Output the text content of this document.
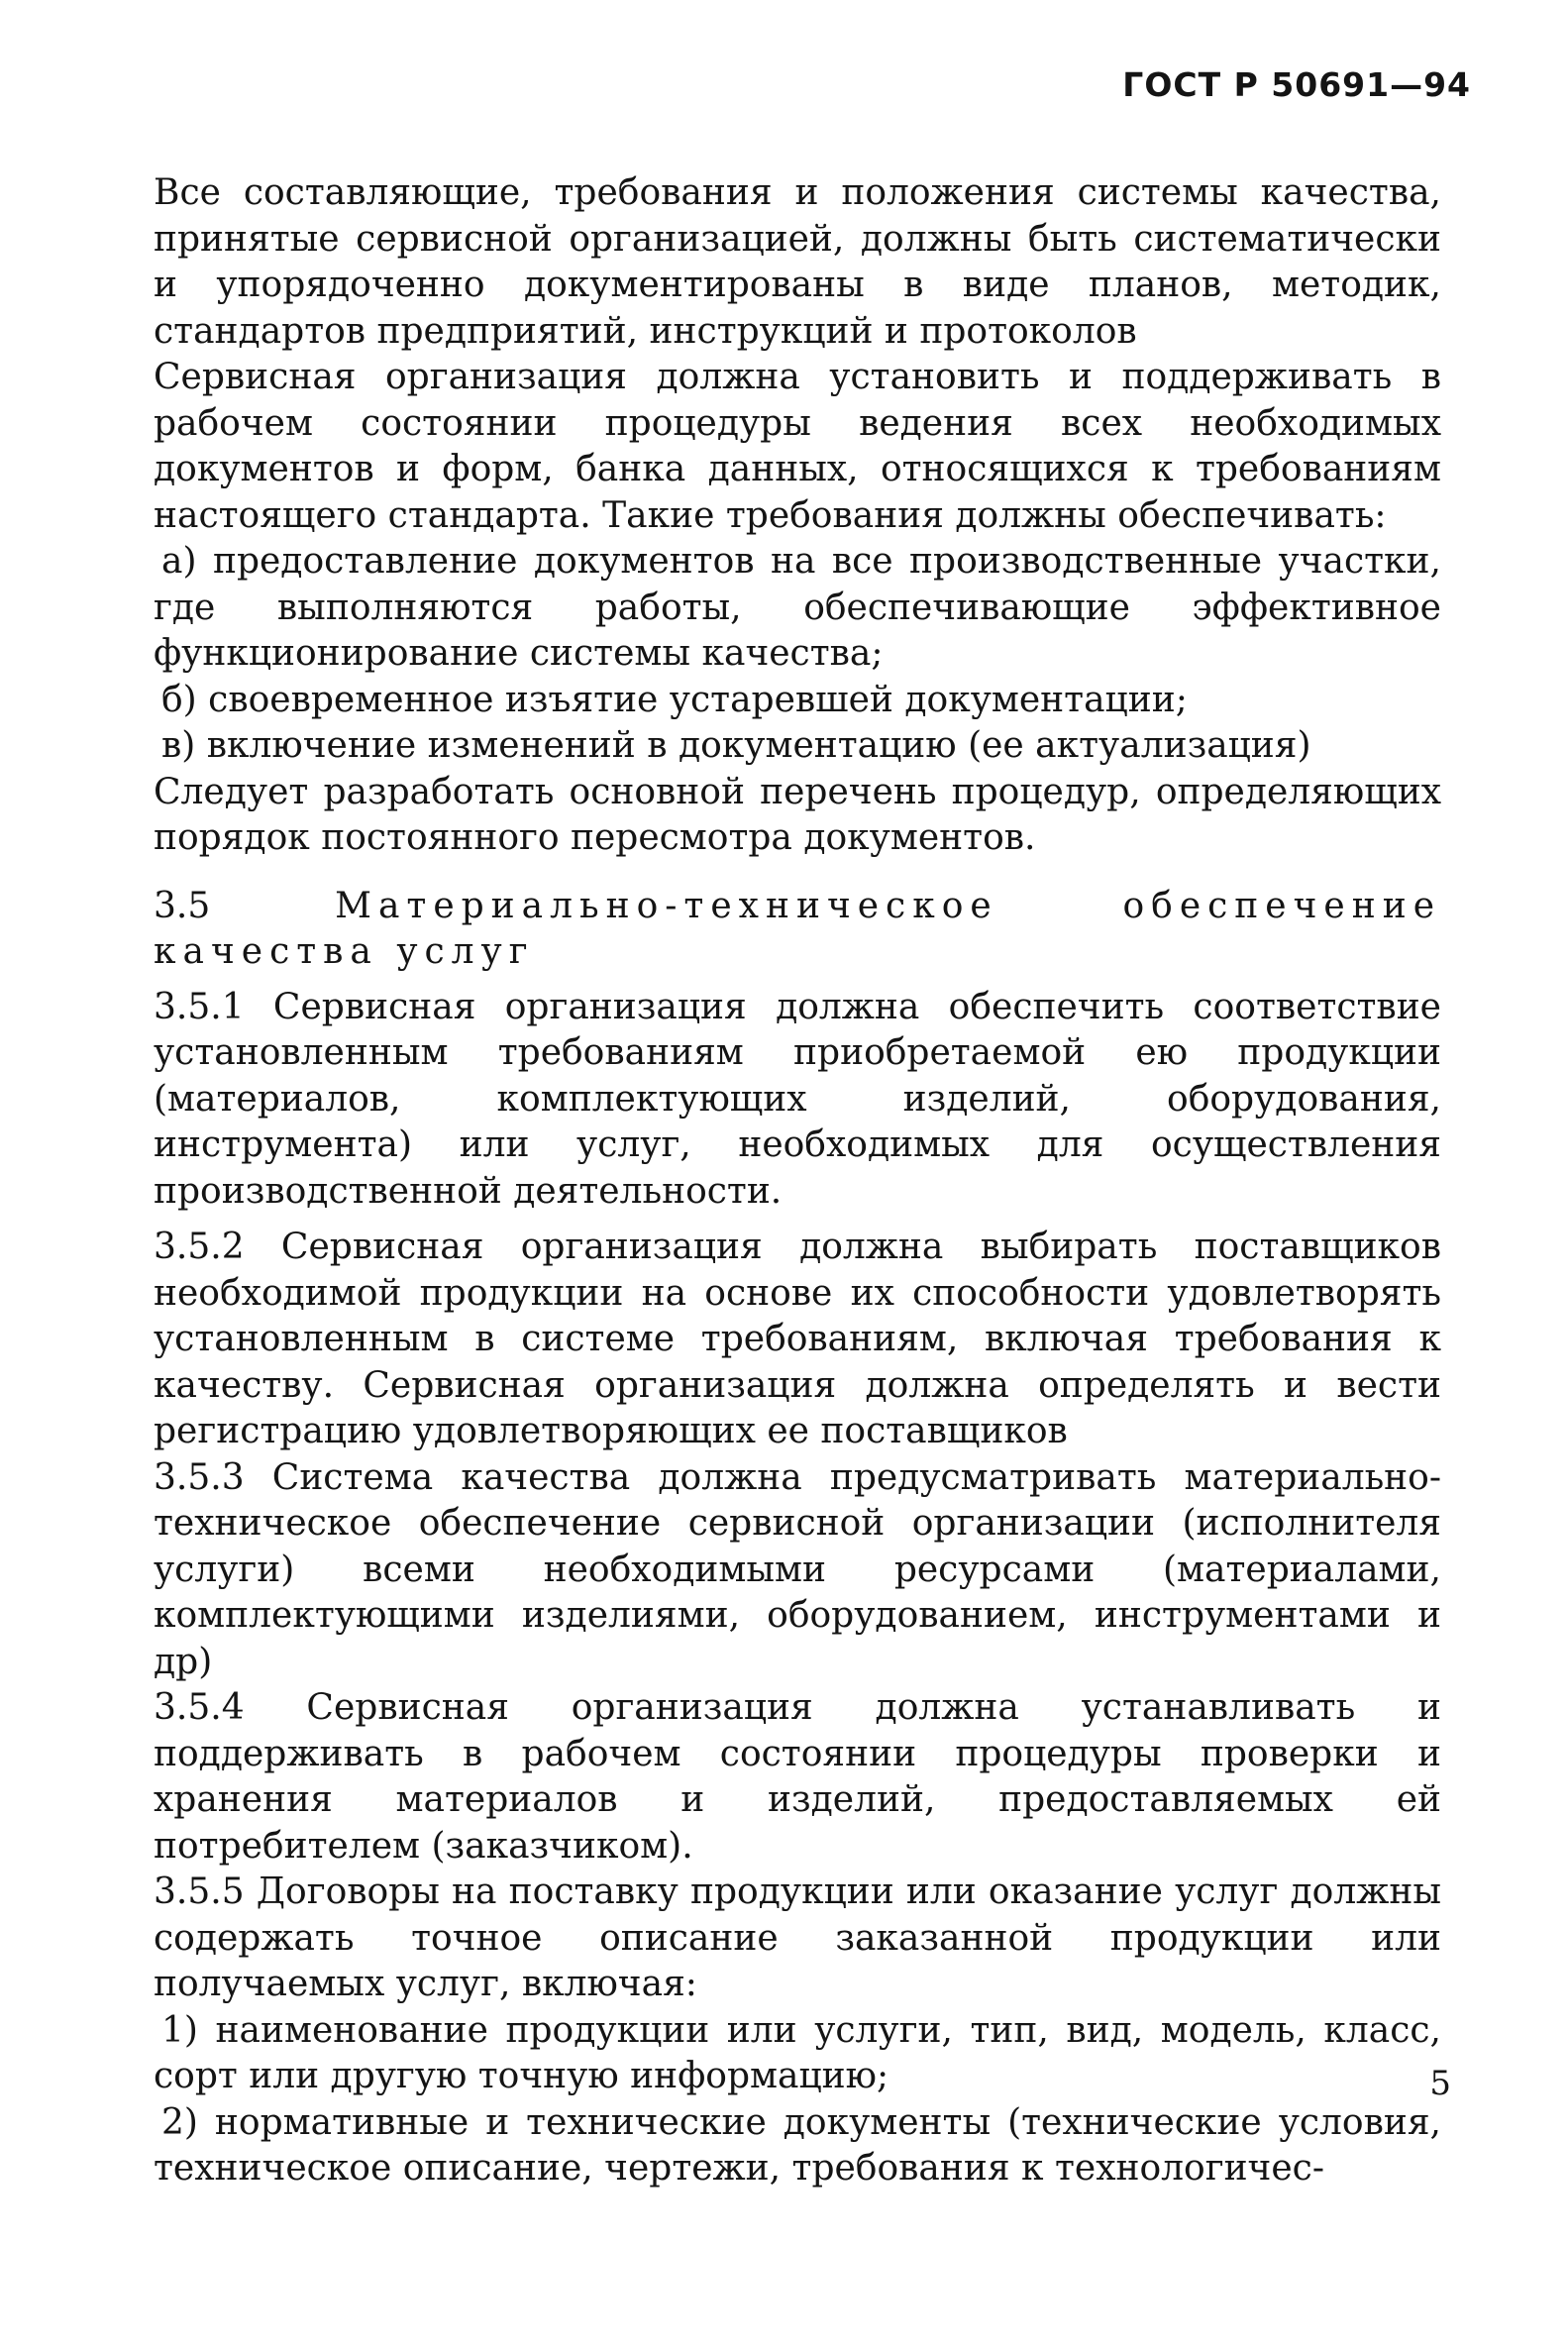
ГОСТ Р 50691—94

Все составляющие, требования и положения системы качества, принятые сервисной организацией, должны быть систематически и упорядоченно документированы в виде планов, методик, стандартов предприятий, инструкций и протоколов

Сервисная организация должна установить и поддерживать в рабочем состоянии процедуры ведения всех необходимых документов и форм, банка данных, относящихся к требованиям настоящего стандарта. Такие требования должны обеспечивать:

а) предоставление документов на все производственные участки, где выполняются работы, обеспечивающие эффективное функционирование системы качества;

б) своевременное изъятие устаревшей документации;

в) включение изменений в документацию (ее актуализация)

Следует разработать основной перечень процедур, определяющих порядок постоянного пересмотра документов.

3.5	Материально-техническое обеспечение качества услуг

3.5.1 Сервисная организация должна обеспечить соответствие установленным требованиям приобретаемой ею продукции (материалов, комплектующих изделий, оборудования, инструмента) или услуг, необходимых для осуществления производственной деятельности.

3.5.2 Сервисная организация должна выбирать поставщиков необходимой продукции на основе их способности удовлетворять установленным в системе требованиям, включая требования к качеству. Сервисная организация должна определять и вести регистрацию удовлетворяющих ее поставщиков

3.5.3 Система качества должна предусматривать материально-техническое обеспечение сервисной организации (исполнителя услуги) всеми необходимыми ресурсами (материалами, комплектующими изделиями, оборудованием, инструментами и др)

3.5.4 Сервисная организация должна устанавливать и поддерживать в рабочем состоянии процедуры проверки и хранения материалов и изделий, предоставляемых ей потребителем (заказчиком).

3.5.5 Договоры на поставку продукции или оказание услуг должны содержать точное описание заказанной продукции или получаемых услуг, включая:

1) наименование продукции или услуги, тип, вид, модель, класс, сорт или другую точную информацию;

2) нормативные и технические документы (технические условия, техническое описание, чертежи, требования к технологичес-

5
